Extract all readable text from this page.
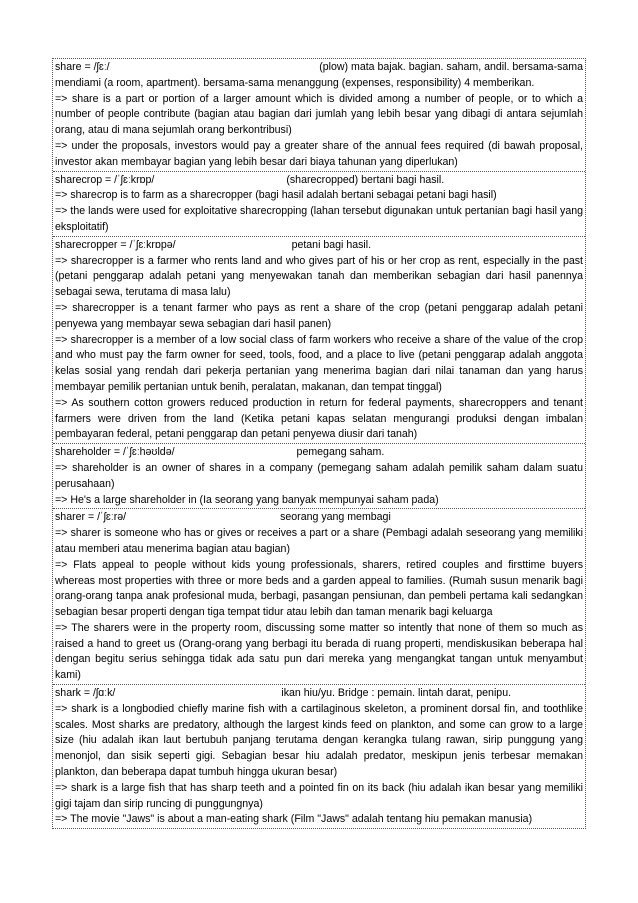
share = /ʃɛː/	(plow) mata bajak. bagian. saham, andil. bersama-sama
mendiami (a room, apartment). bersama-sama menanggung (expenses, responsibility) 4 memberikan.
=> share is a part or portion of a larger amount which is divided among a number of people, or to which a number of people contribute (bagian atau bagian dari jumlah yang lebih besar yang dibagi di antara sejumlah orang, atau di mana sejumlah orang berkontribusi)
=> under the proposals, investors would pay a greater share of the annual fees required (di bawah proposal, investor akan membayar bagian yang lebih besar dari biaya tahunan yang diperlukan)
sharecrop = /ˈʃɛːkrɒp/	(sharecropped) bertani bagi hasil.
=> sharecrop is to farm as a sharecropper (bagi hasil adalah bertani sebagai petani bagi hasil)
=> the lands were used for exploitative sharecropping (lahan tersebut digunakan untuk pertanian bagi hasil yang eksploitatif)
sharecropper = /ˈʃɛːkrɒpə/	petani bagi hasil.
=> sharecropper is a farmer who rents land and who gives part of his or her crop as rent, especially in the past (petani penggarap adalah petani yang menyewakan tanah dan memberikan sebagian dari hasil panennya sebagai sewa, terutama di masa lalu)
=> sharecropper is a tenant farmer who pays as rent a share of the crop (petani penggarap adalah petani penyewa yang membayar sewa sebagian dari hasil panen)
=> sharecropper is a member of a low social class of farm workers who receive a share of the value of the crop and who must pay the farm owner for seed, tools, food, and a place to live (petani penggarap adalah anggota kelas sosial yang rendah dari pekerja pertanian yang menerima bagian dari nilai tanaman dan yang harus membayar pemilik pertanian untuk benih, peralatan, makanan, dan tempat tinggal)
=> As southern cotton growers reduced production in return for federal payments, sharecroppers and tenant farmers were driven from the land (Ketika petani kapas selatan mengurangi produksi dengan imbalan pembayaran federal, petani penggarap dan petani penyewa diusir dari tanah)
shareholder = /ˈʃɛːhəʊldə/	pemegang saham.
=> shareholder is an owner of shares in a company (pemegang saham adalah pemilik saham dalam suatu perusahaan)
=> He's a large shareholder in (Ia seorang yang banyak mempunyai saham pada)
sharer = /ˈʃɛːrə/	seorang yang membagi
=> sharer is someone who has or gives or receives a part or a share (Pembagi adalah seseorang yang memiliki atau memberi atau menerima bagian atau bagian)
=> Flats appeal to people without kids young professionals, sharers, retired couples and firsttime buyers whereas most properties with three or more beds and a garden appeal to families. (Rumah susun menarik bagi orang-orang tanpa anak profesional muda, berbagi, pasangan pensiunan, dan pembeli pertama kali sedangkan sebagian besar properti dengan tiga tempat tidur atau lebih dan taman menarik bagi keluarga
=> The sharers were in the property room, discussing some matter so intently that none of them so much as raised a hand to greet us (Orang-orang yang berbagi itu berada di ruang properti, mendiskusikan beberapa hal dengan begitu serius sehingga tidak ada satu pun dari mereka yang mengangkat tangan untuk menyambut kami)
shark = /ʃɑːk/	ikan hiu/yu. Bridge : pemain. lintah darat, penipu.
=> shark is a longbodied chiefly marine fish with a cartilaginous skeleton, a prominent dorsal fin, and toothlike scales. Most sharks are predatory, although the largest kinds feed on plankton, and some can grow to a large size (hiu adalah ikan laut bertubuh panjang terutama dengan kerangka tulang rawan, sirip punggung yang menonjol, dan sisik seperti gigi. Sebagian besar hiu adalah predator, meskipun jenis terbesar memakan plankton, dan beberapa dapat tumbuh hingga ukuran besar)
=> shark is a large fish that has sharp teeth and a pointed fin on its back (hiu adalah ikan besar yang memiliki gigi tajam dan sirip runcing di punggungnya)
=> The movie "Jaws" is about a man-eating shark (Film "Jaws" adalah tentang hiu pemakan manusia)
